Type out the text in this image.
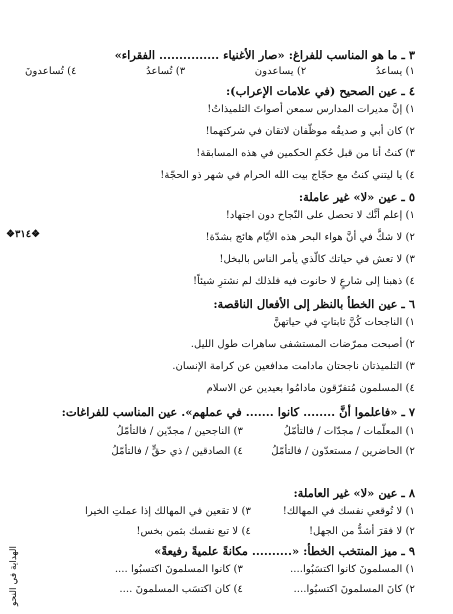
٣ ـ ما هو المناسب للفراغ: «صار الأغنياء ............... الفقراء»
١) يساعدُ
٢) يساعدون
٣) تُساعدُ
٤) تُساعدونَ
٤ ـ عين الصحيح (في علامات الإعراب):
١) إنَّ مديرات المدارس سمعن أصواتَ التلميذاتُ!
٢) كان أبي و صديقُه موظّفان لاتقان في شركتهما!
٣) كنتُ أنا من قبل حُكمِ الحكمين في هذه المسابقة!
٤) يا ليتني كنتُ مع حجّاج بيت الله الحرام في شهر ذو الحجّة!
٥ ـ عين «لا» غير عاملة:
١) إعلم أنَّك لا تحصل على النّجاح دون اجتهاد!
٢) لا شكَّ في أنَّ هواء البحر هذه الأيّام هائج بشدّة!
٣) لا تعش في حياتك كالّذي يأمر الناس بالبخل!
٤) ذهبنا إلى شارعٍ لا حانوت فيه فلذلك لم نشترِ شيئاً!
٦ ـ عين الخطأ بالنظر إلى الأفعال الناقصة:
١) الناجحات كُنَّ ثابتاتٍ في حياتهنَّ
٢) أصبحت ممرّضات المستشفى ساهرات طول الليل.
٣) التلميذتان ناجحتان مادامت مدافعين عن كرامة الإنسان.
٤) المسلمون مُتفرّقون مادامُوا بعيدين عن الاسلام
٧ ـ «فاعلموا أنَّ ........ كانوا ....... في عملهم». عين المناسب للفراغات:
١) المعلّمات / مجدّات / فالتأمّلُ
٣) الناجحين / مجدّين / فالتأمّلُ
٢) الحاضرين / مستعدّون / فالتأمّلُ
٤) الصادقين / ذي حقٍّ / فالتأمّلُ
٨ ـ عين «لا» غير العاملة:
١) لا تُوقعي نفسك في المهالك!
٣) لا تقعين في المهالك إذا عملتِ الخيرا
٢) لا فقرَ أشدُّ من الجهل!
٤) لا تبع نفسك بثمن بخس!
٩ ـ ميز المنتخب الخطأ: «.......... مكانةً علميةً رفيعةً»
١) المسلمونَ كانوا اكتسَبُوا....
٣) كانوا المسلمونَ اكتسبُوا ....
٢) كانَ المسلمونَ اكتسبُوا....
٤) كان اكتسَب المسلمونَ ....
❖٣١٤❖
الهداية في النحو
